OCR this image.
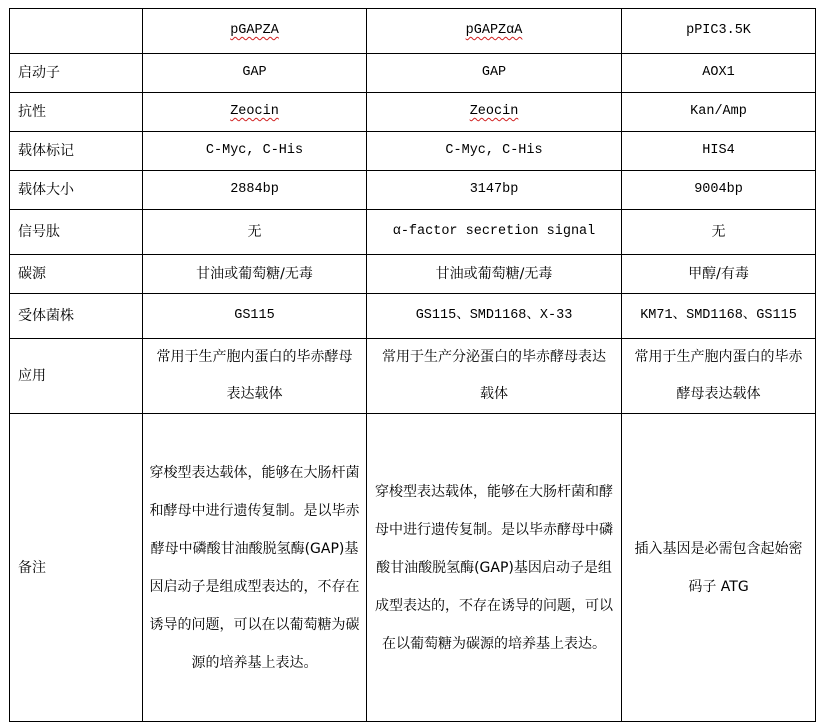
	pGAPZA	pGAPZαA	pPIC3.5K
启动子	GAP	GAP	AOX1
抗性	Zeocin	Zeocin	Kan/Amp
载体标记	C-Myc, C-His	C-Myc, C-His	HIS4
载体大小	2884bp	3147bp	9004bp
信号肽	无	α-factor secretion signal	无
碳源	甘油或葡萄糖/无毒	甘油或葡萄糖/无毒	甲醇/有毒
受体菌株	GS115	GS115、SMD1168、X-33	KM71、SMD1168、GS115
应用	常用于生产胞内蛋白的毕赤酵母表达载体	常用于生产分泌蛋白的毕赤酵母表达载体	常用于生产胞内蛋白的毕赤酵母表达载体
备注	穿梭型表达载体，能够在大肠杆菌和酵母中进行遗传复制。是以毕赤酵母中磷酸甘油酸脱氢酶(GAP)基因启动子是组成型表达的，不存在诱导的问题，可以在以葡萄糖为碳源的培养基上表达。	穿梭型表达载体，能够在大肠杆菌和酵母中进行遗传复制。是以毕赤酵母中磷酸甘油酸脱氢酶(GAP)基因启动子是组成型表达的，不存在诱导的问题，可以在以葡萄糖为碳源的培养基上表达。	插入基因是必需包含起始密码子 ATG
